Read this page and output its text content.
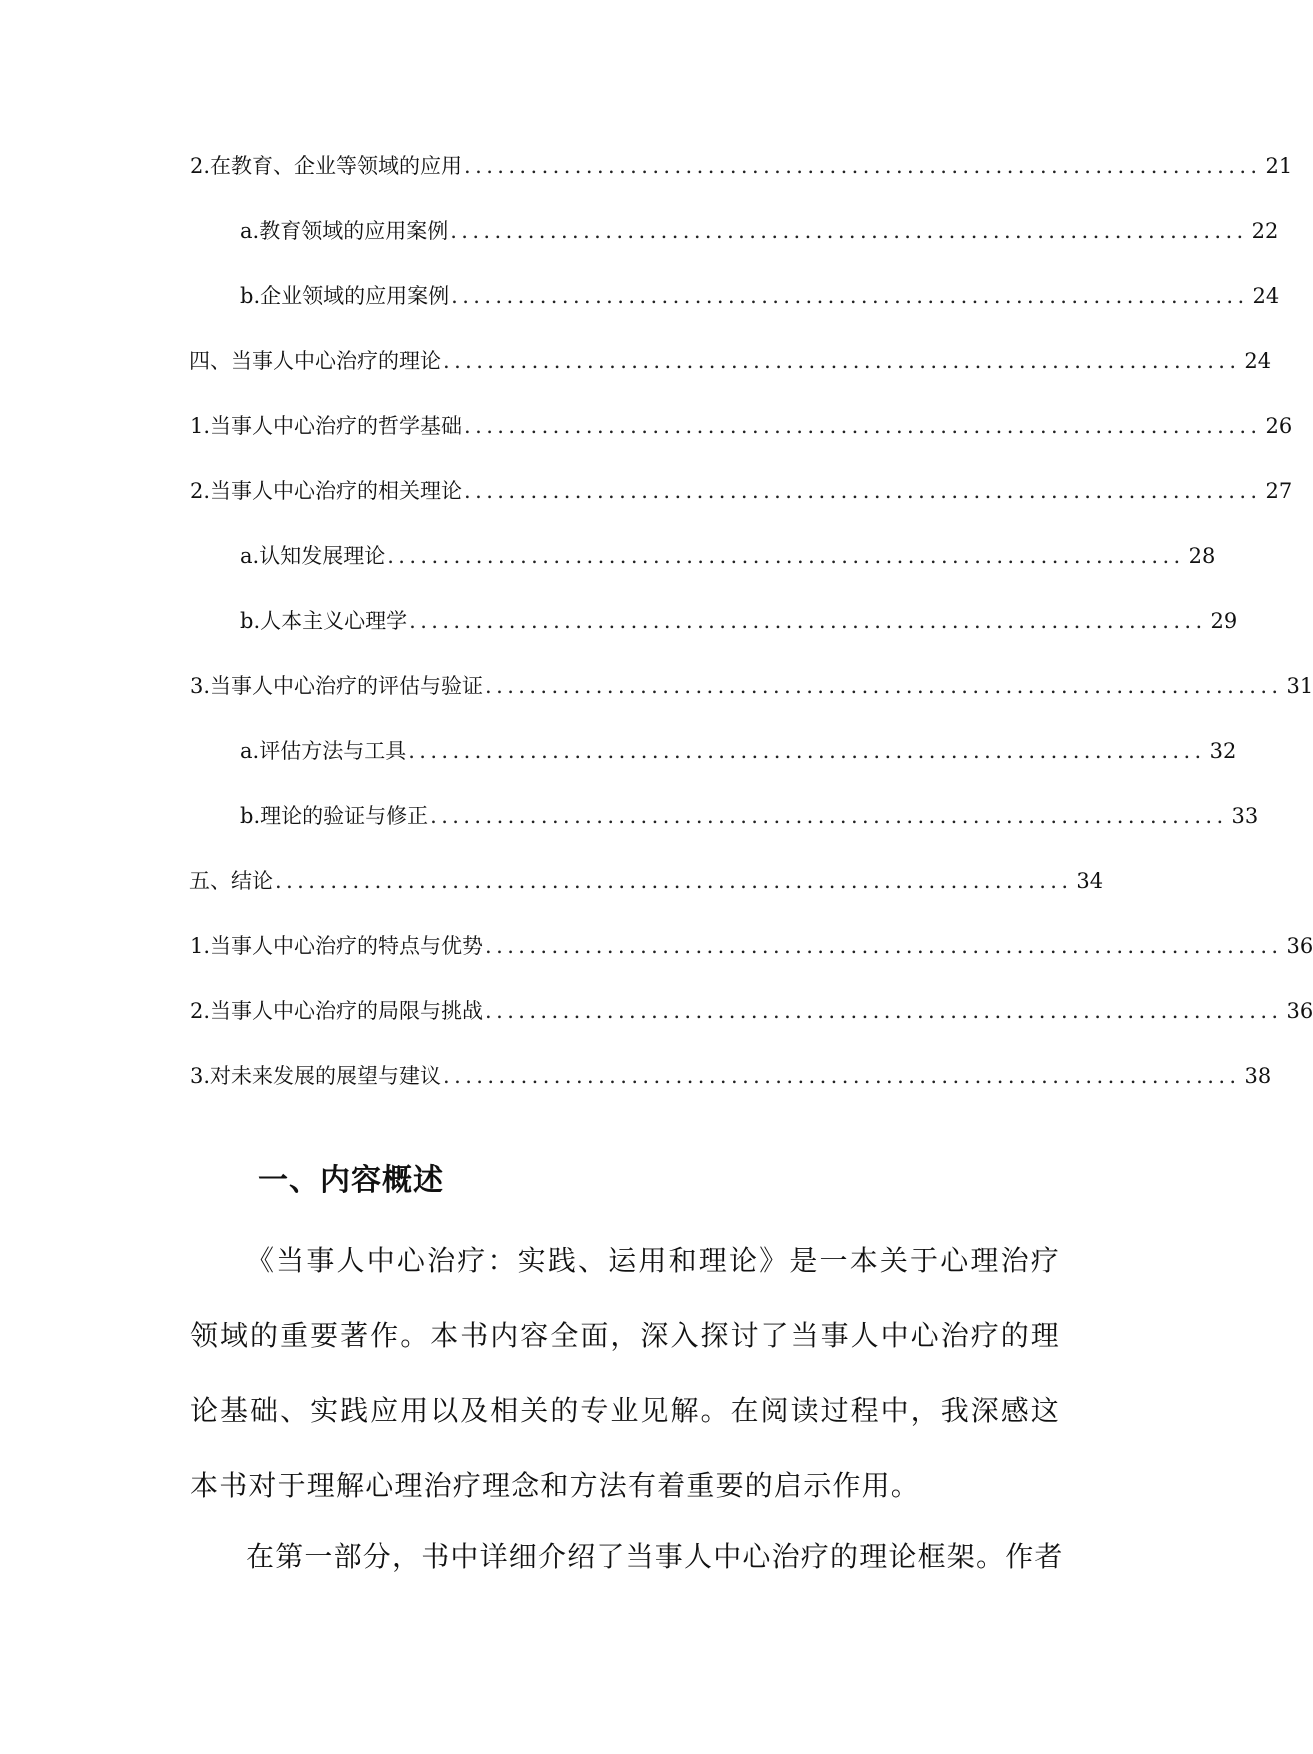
2. 在教育、企业等领域的应用 ........................................................................ 21
a. 教育领域的应用案例 ........................................................................ 22
b. 企业领域的应用案例 ........................................................................ 24
四、当事人中心治疗的理论 ........................................................................ 24
1. 当事人中心治疗的哲学基础 ........................................................................ 26
2. 当事人中心治疗的相关理论 ........................................................................ 27
a. 认知发展理论 ........................................................................ 28
b. 人本主义心理学 ........................................................................ 29
3. 当事人中心治疗的评估与验证 ........................................................................ 31
a. 评估方法与工具 ........................................................................ 32
b. 理论的验证与修正 ........................................................................ 33
五、结论 ........................................................................ 34
1. 当事人中心治疗的特点与优势 ........................................................................ 36
2. 当事人中心治疗的局限与挑战 ........................................................................ 36
3. 对未来发展的展望与建议 ........................................................................ 38
一、内容概述

《当事人中心治疗：实践、运用和理论》是一本关于心理治疗领域的重要著作。本书内容全面，深入探讨了当事人中心治疗的理论基础、实践应用以及相关的专业见解。在阅读过程中，我深感这本书对于理解心理治疗理念和方法有着重要的启示作用。

在第一部分，书中详细介绍了当事人中心治疗的理论框架。作者
